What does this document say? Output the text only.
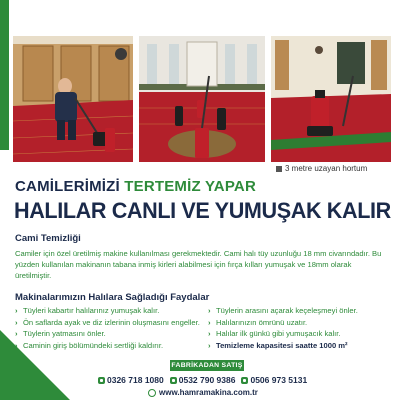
3 metre uzayan hortum
CAMİLERİMİZİ TERTEMİZ YAPAR
HALILAR CANLI VE YUMUŞAK KALIR
Cami Temizliği
Camiler için özel üretilmiş makine kullanılması gerekmektedir. Cami halı tüy uzunluğu 18 mm civarındadır. Bu yüzden kullanılan makinanın tabana inmiş kirleri alabilmesi için fırça kılları yumuşak ve 18mm olarak üretilmiştir.
Makinalarımızın Halılara Sağladığı Faydalar
› Tüyleri kabartır halılarınız yumuşak kalır.
› Ön saflarda ayak ve diz izlerinin oluşmasını engeller.
› Tüylerin yatmasını önler.
› Caminin giriş bölümündeki sertliği kaldırır.
› Tüylerin arasını açarak keçeleşmeyi önler.
› Halılarınızın ömrünü uzatır.
› Halılar ilk günkü gibi yumuşacık kalır.
› Temizleme kapasitesi saatte 1000 m²
FABRİKADAN SATIŞ
0326 718 1080 0532 790 9386 0506 973 5131
www.hamramakina.com.tr
